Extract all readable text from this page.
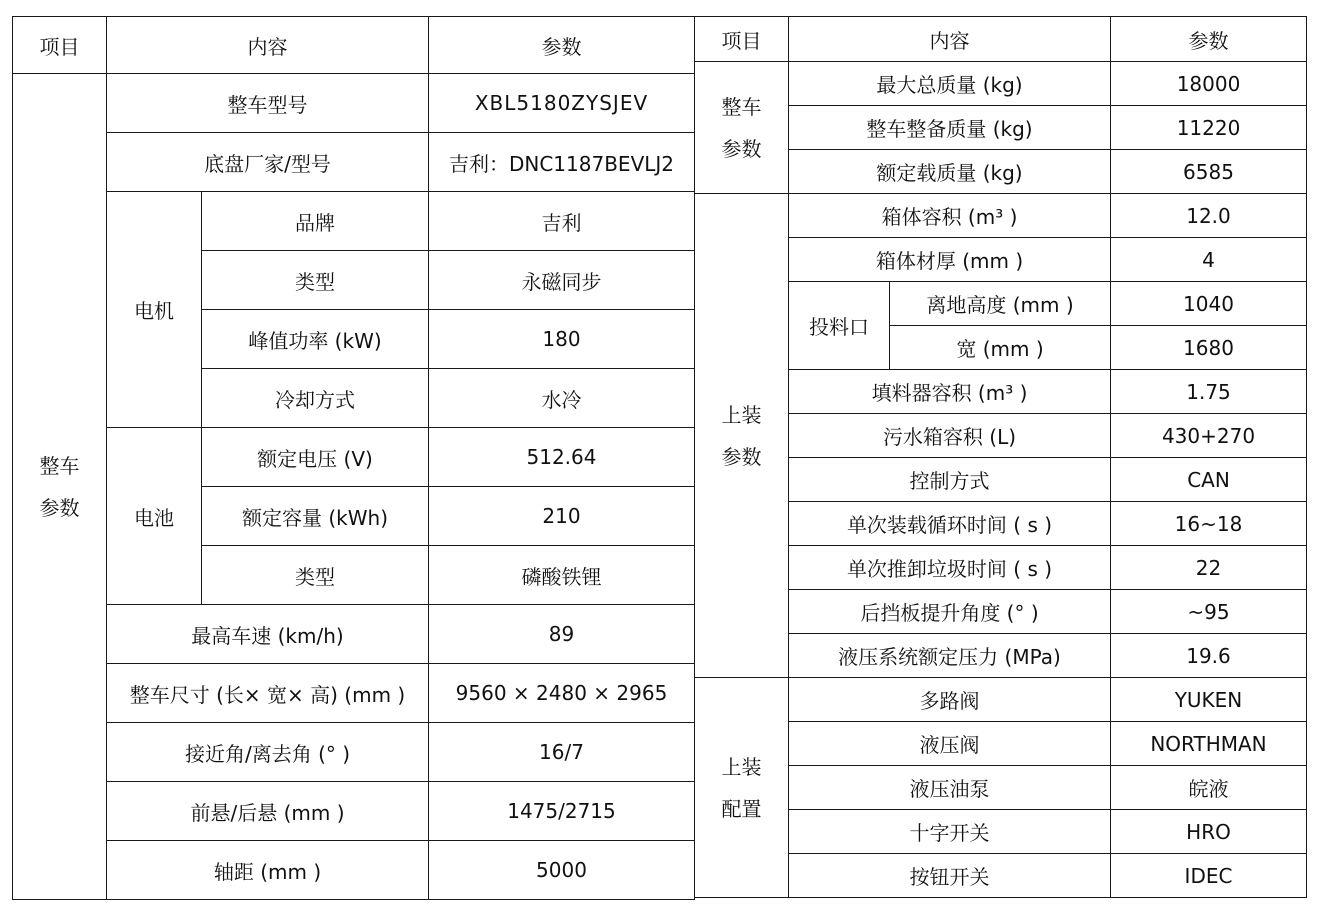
项目	内容		参数
整车
参数	整车型号		XBL5180ZYSJEV
	底盘厂家/型号		吉利：DNC1187BEVLJ2
	电机	品牌	吉利
		类型	永磁同步
		峰值功率 (kW)	180
		冷却方式	水冷
	电池	额定电压 (V)	512.64
		额定容量 (kWh)	210
		类型	磷酸铁锂
	最高车速 (km/h)		89
	整车尺寸 (长× 宽× 高) (mm )		9560 × 2480 × 2965
	接近角/离去角 (° )		16/7
	前悬/后悬 (mm )		1475/2715
	轴距 (mm )		5000
项目	内容		参数
整车
参数	最大总质量 (kg)		18000
	整车整备质量 (kg)		11220
	额定载质量 (kg)		6585
上装
参数	箱体容积 (m³ )		12.0
	箱体材厚 (mm )		4
	投料口	离地高度 (mm )	1040
		宽 (mm )	1680
	填料器容积 (m³ )		1.75
	污水箱容积 (L)		430+270
	控制方式		CAN
	单次装载循环时间 ( s )		16~18
	单次推卸垃圾时间 ( s )		22
	后挡板提升角度 (° )		~95
	液压系统额定压力 (MPa)		19.6
上装
配置	多路阀		YUKEN
	液压阀		NORTHMAN
	液压油泵		皖液
	十字开关		HRO
	按钮开关		IDEC
